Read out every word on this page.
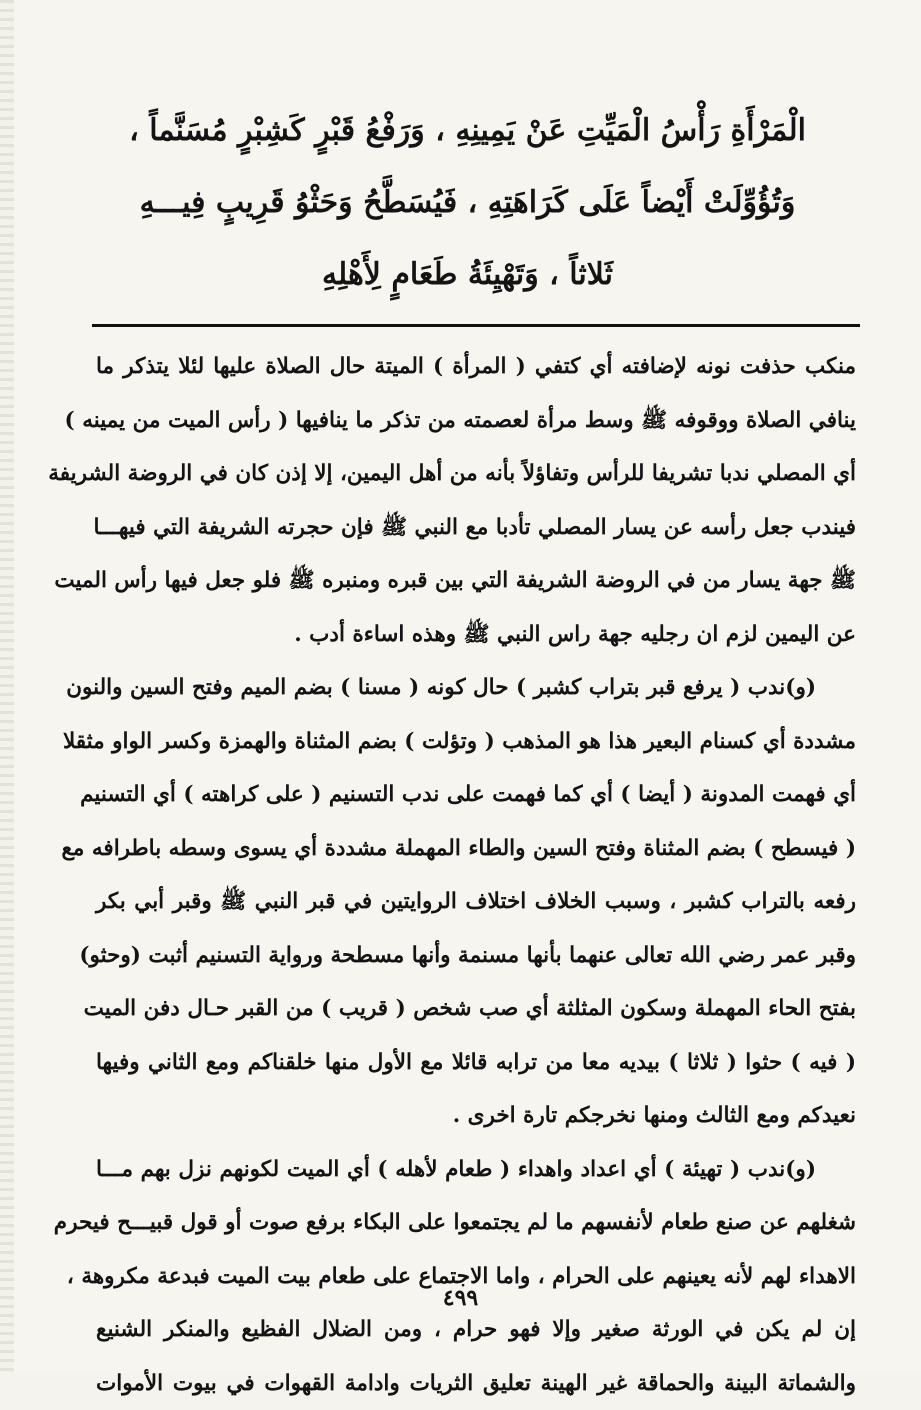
الْمَرْأَةِ رَأْسُ الْمَيِّتِ عَنْ يَمِينِهِ ، وَرَفْعُ قَبْرٍ كَشِبْرٍ مُسَنَّماً ،
وَتُؤُوِّلَتْ أَيْضاً عَلَى كَرَاهَتِهِ ، فَيُسَطَّحُ وَحَثْوُ قَرِيبٍ فِيـــهِ
ثَلاثاً ، وَتَهْيِئَةُ طَعَامٍ لِأَهْلِهِ
منكب حذفت نونه لإضافته أي كتفي ( المرأة ) الميتة حال الصلاة عليها لئلا يتذكر ما
ينافي الصلاة ووقوفه ﷺ وسط مرأة لعصمته من تذكر ما ينافيها ( رأس الميت من يمينه )
أي المصلي ندبا تشريفا للرأس وتفاؤلاً بأنه من أهل اليمين، إلا إذن كان في الروضة الشريفة
فيندب جعل رأسه عن يسار المصلي تأدبا مع النبي ﷺ فإن حجرته الشريفة التي فيهـــا
ﷺ جهة يسار من في الروضة الشريفة التي بين قبره ومنبره ﷺ فلو جعل فيها رأس الميت
عن اليمين لزم ان رجليه جهة راس النبي ﷺ وهذه اساءة أدب .
(و)ندب ( يرفع قبر بتراب كشبر ) حال كونه ( مسنا ) بضم الميم وفتح السين والنون
مشددة أي كسنام البعير هذا هو المذهب ( وتؤلت ) بضم المثناة والهمزة وكسر الواو مثقلا
أي فهمت المدونة ( أيضا ) أي كما فهمت على ندب التسنيم ( على كراهته ) أي التسنيم
( فيسطح ) بضم المثناة وفتح السين والطاء المهملة مشددة أي يسوى وسطه باطرافه مع
رفعه بالتراب كشبر ، وسبب الخلاف اختلاف الروايتين في قبر النبي ﷺ وقبر أبي بكر
وقبر عمر رضي الله تعالى عنهما بأنها مسنمة وأنها مسطحة ورواية التسنيم أثبت (وحثو)
بفتح الحاء المهملة وسكون المثلثة أي صب شخص ( قريب ) من القبر حـال دفن الميت
( فيه ) حثوا ( ثلاثا ) بيديه معا من ترابه قائلا مع الأول منها خلقناكم ومع الثاني وفيها
نعيدكم ومع الثالث ومنها نخرجكم تارة اخرى .
(و)ندب ( تهيئة ) أي اعداد واهداء ( طعام لأهله ) أي الميت لكونهم نزل بهم مـــا
شغلهم عن صنع طعام لأنفسهم ما لم يجتمعوا على البكاء برفع صوت أو قول قبيـــح فيحرم
الاهداء لهم لأنه يعينهم على الحرام ، واما الاجتماع على طعام بيت الميت فبدعة مكروهة ،
إن لم يكن في الورثة صغير وإلا فهو حرام ، ومن الضلال الفظيع والمنكر الشنيع
والشماتة البينة والحماقة غير الهينة تعليق الثريات وادامة القهوات في بيوت الأموات
٤٩٩
